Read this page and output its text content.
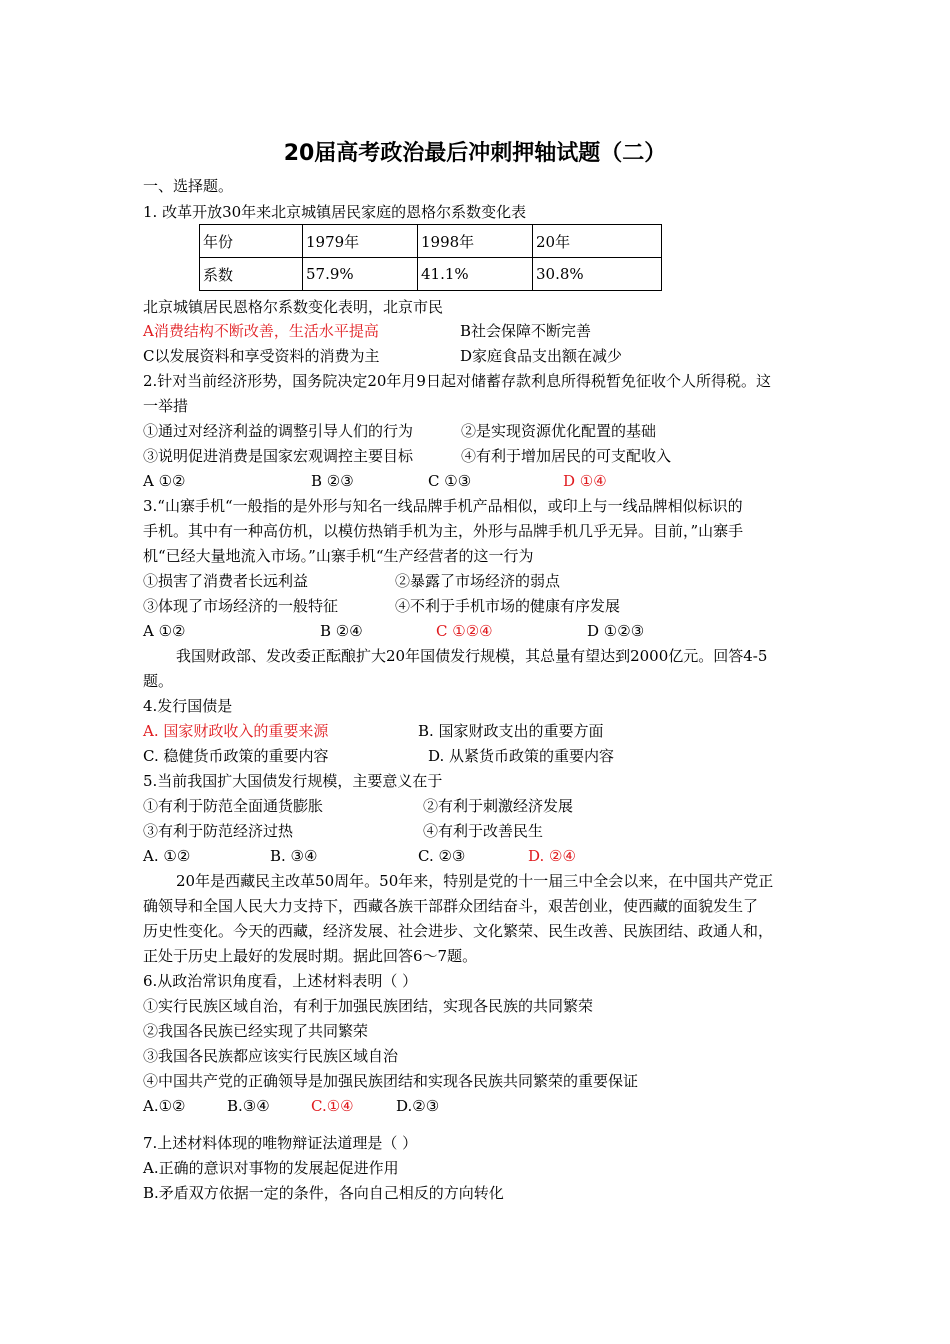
20届高考政治最后冲刺押轴试题（二）
一、选择题。
1. 改革开放30年来北京城镇居民家庭的恩格尔系数变化表
年份	1979年	1998年	20年
系数	57.9%	41.1%	30.8%
北京城镇居民恩格尔系数变化表明，北京市民
A消费结构不断改善，生活水平提高	B社会保障不断完善
C以发展资料和享受资料的消费为主	D家庭食品支出额在减少
2.针对当前经济形势，国务院决定20年月9日起对储蓄存款利息所得税暂免征收个人所得税。这
一举措
①通过对经济利益的调整引导人们的行为	②是实现资源优化配置的基础
③说明促进消费是国家宏观调控主要目标	④有利于增加居民的可支配收入
A ①②	B ②③	C ①③	D ①④
3.“山寨手机“一般指的是外形与知名一线品牌手机产品相似，或印上与一线品牌相似标识的
手机。其中有一种高仿机，以模仿热销手机为主，外形与品牌手机几乎无异。目前，”山寨手
机“已经大量地流入市场。”山寨手机“生产经营者的这一行为
①损害了消费者长远利益	②暴露了市场经济的弱点
③体现了市场经济的一般特征	④不利于手机市场的健康有序发展
A ①②	B ②④	C ①②④	D ①②③
我国财政部、发改委正酝酿扩大20年国债发行规模，其总量有望达到2000亿元。回答4-5
题。
4.发行国债是
A. 国家财政收入的重要来源	B. 国家财政支出的重要方面
C. 稳健货币政策的重要内容	D. 从紧货币政策的重要内容
5.当前我国扩大国债发行规模，主要意义在于
①有利于防范全面通货膨胀	②有利于刺激经济发展
③有利于防范经济过热	④有利于改善民生
A. ①②	B. ③④	C. ②③	D. ②④
20年是西藏民主改革50周年。50年来，特别是党的十一届三中全会以来，在中国共产党正
确领导和全国人民大力支持下，西藏各族干部群众团结奋斗，艰苦创业，使西藏的面貌发生了
历史性变化。今天的西藏，经济发展、社会进步、文化繁荣、民生改善、民族团结、政通人和，
正处于历史上最好的发展时期。据此回答6～7题。
6.从政治常识角度看，上述材料表明（ ）
①实行民族区域自治，有利于加强民族团结，实现各民族的共同繁荣
②我国各民族已经实现了共同繁荣
③我国各民族都应该实行民族区域自治
④中国共产党的正确领导是加强民族团结和实现各民族共同繁荣的重要保证
A.①②	B.③④	C.①④	D.②③
7.上述材料体现的唯物辩证法道理是（ ）
A.正确的意识对事物的发展起促进作用
B.矛盾双方依据一定的条件，各向自己相反的方向转化
